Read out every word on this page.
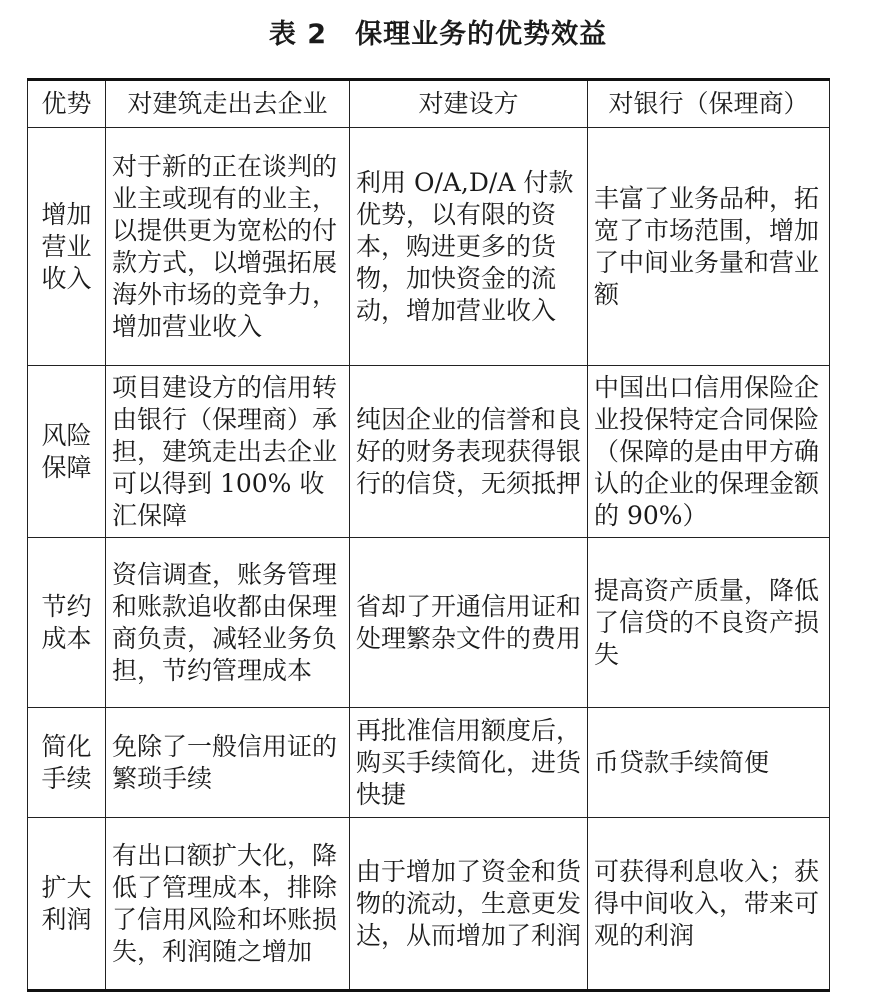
表 2　保理业务的优势效益
优势	对建筑走出去企业	对建设方	对银行（保理商）

增加营业收入	对于新的正在谈判的业主或现有的业主，以提供更为宽松的付款方式，以增强拓展海外市场的竞争力，增加营业收入	利用 O/A,D/A 付款优势，以有限的资本，购进更多的货物，加快资金的流动，增加营业收入	丰富了业务品种，拓宽了市场范围，增加了中间业务量和营业额

风险保障	项目建设方的信用转由银行（保理商）承担，建筑走出去企业可以得到 100% 收汇保障	纯因企业的信誉和良好的财务表现获得银行的信贷，无须抵押	中国出口信用保险企业投保特定合同保险（保障的是由甲方确认的企业的保理金额的 90%）

节约成本	资信调查，账务管理和账款追收都由保理商负责，减轻业务负担，节约管理成本	省却了开通信用证和处理繁杂文件的费用	提高资产质量，降低了信贷的不良资产损失

简化手续	免除了一般信用证的繁琐手续	再批准信用额度后，购买手续简化，进货快捷	币贷款手续简便

扩大利润	有出口额扩大化，降低了管理成本，排除了信用风险和坏账损失，利润随之增加	由于增加了资金和货物的流动，生意更发达，从而增加了利润	可获得利息收入；获得中间收入，带来可观的利润
